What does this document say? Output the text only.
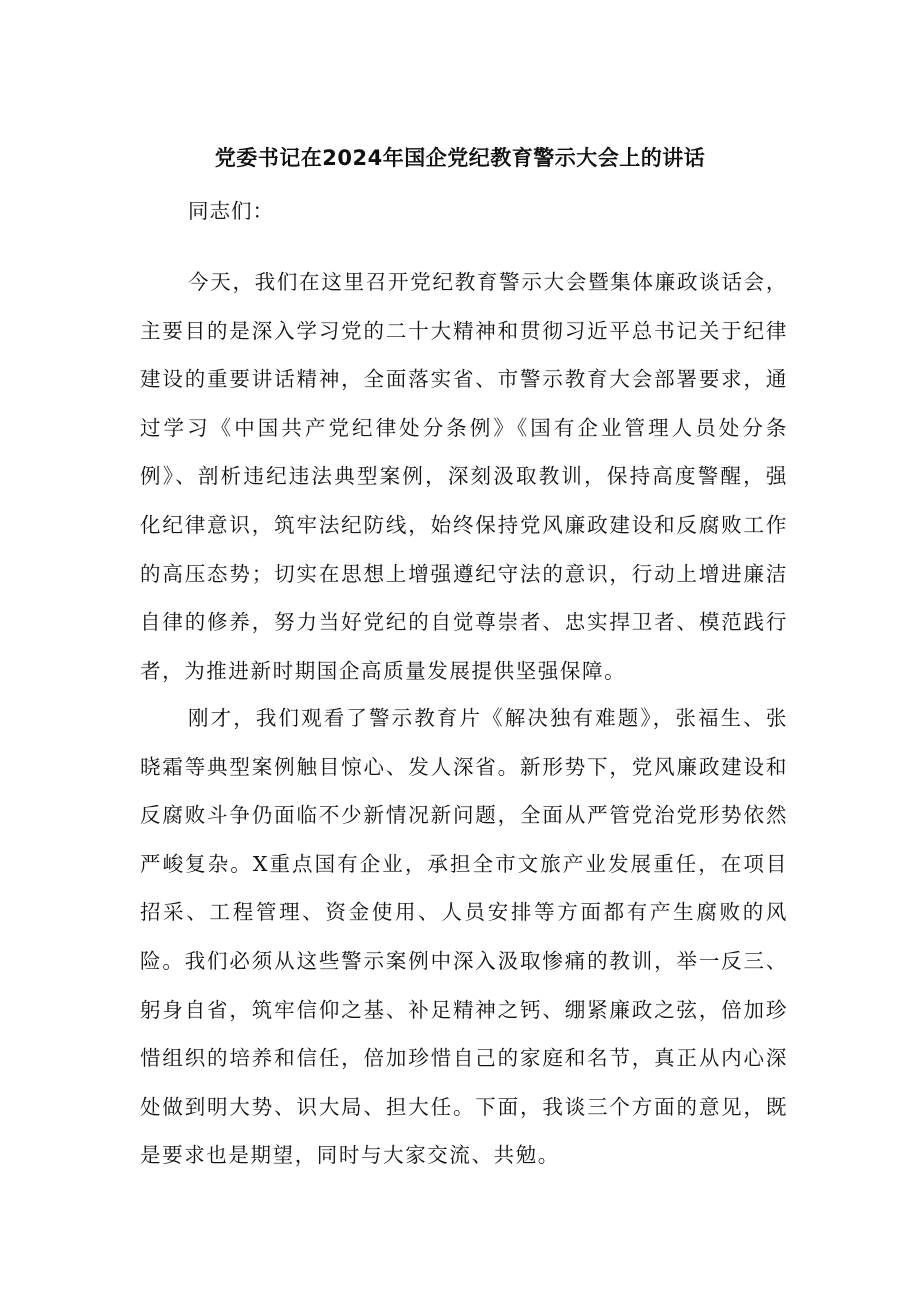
党委书记在2024年国企党纪教育警示大会上的讲话

同志们：

今天，我们在这里召开党纪教育警示大会暨集体廉政谈话会，主要目的是深入学习党的二十大精神和贯彻习近平总书记关于纪律建设的重要讲话精神，全面落实省、市警示教育大会部署要求，通过学习《中国共产党纪律处分条例》《国有企业管理人员处分条例》、剖析违纪违法典型案例，深刻汲取教训，保持高度警醒，强化纪律意识，筑牢法纪防线，始终保持党风廉政建设和反腐败工作的高压态势；切实在思想上增强遵纪守法的意识，行动上增进廉洁自律的修养，努力当好党纪的自觉尊崇者、忠实捍卫者、模范践行者，为推进新时期国企高质量发展提供坚强保障。

刚才，我们观看了警示教育片《解决独有难题》，张福生、张晓霜等典型案例触目惊心、发人深省。新形势下，党风廉政建设和反腐败斗争仍面临不少新情况新问题，全面从严管党治党形势依然严峻复杂。X重点国有企业，承担全市文旅产业发展重任，在项目招采、工程管理、资金使用、人员安排等方面都有产生腐败的风险。我们必须从这些警示案例中深入汲取惨痛的教训，举一反三、躬身自省，筑牢信仰之基、补足精神之钙、绷紧廉政之弦，倍加珍惜组织的培养和信任，倍加珍惜自己的家庭和名节，真正从内心深处做到明大势、识大局、担大任。下面，我谈三个方面的意见，既是要求也是期望，同时与大家交流、共勉。
